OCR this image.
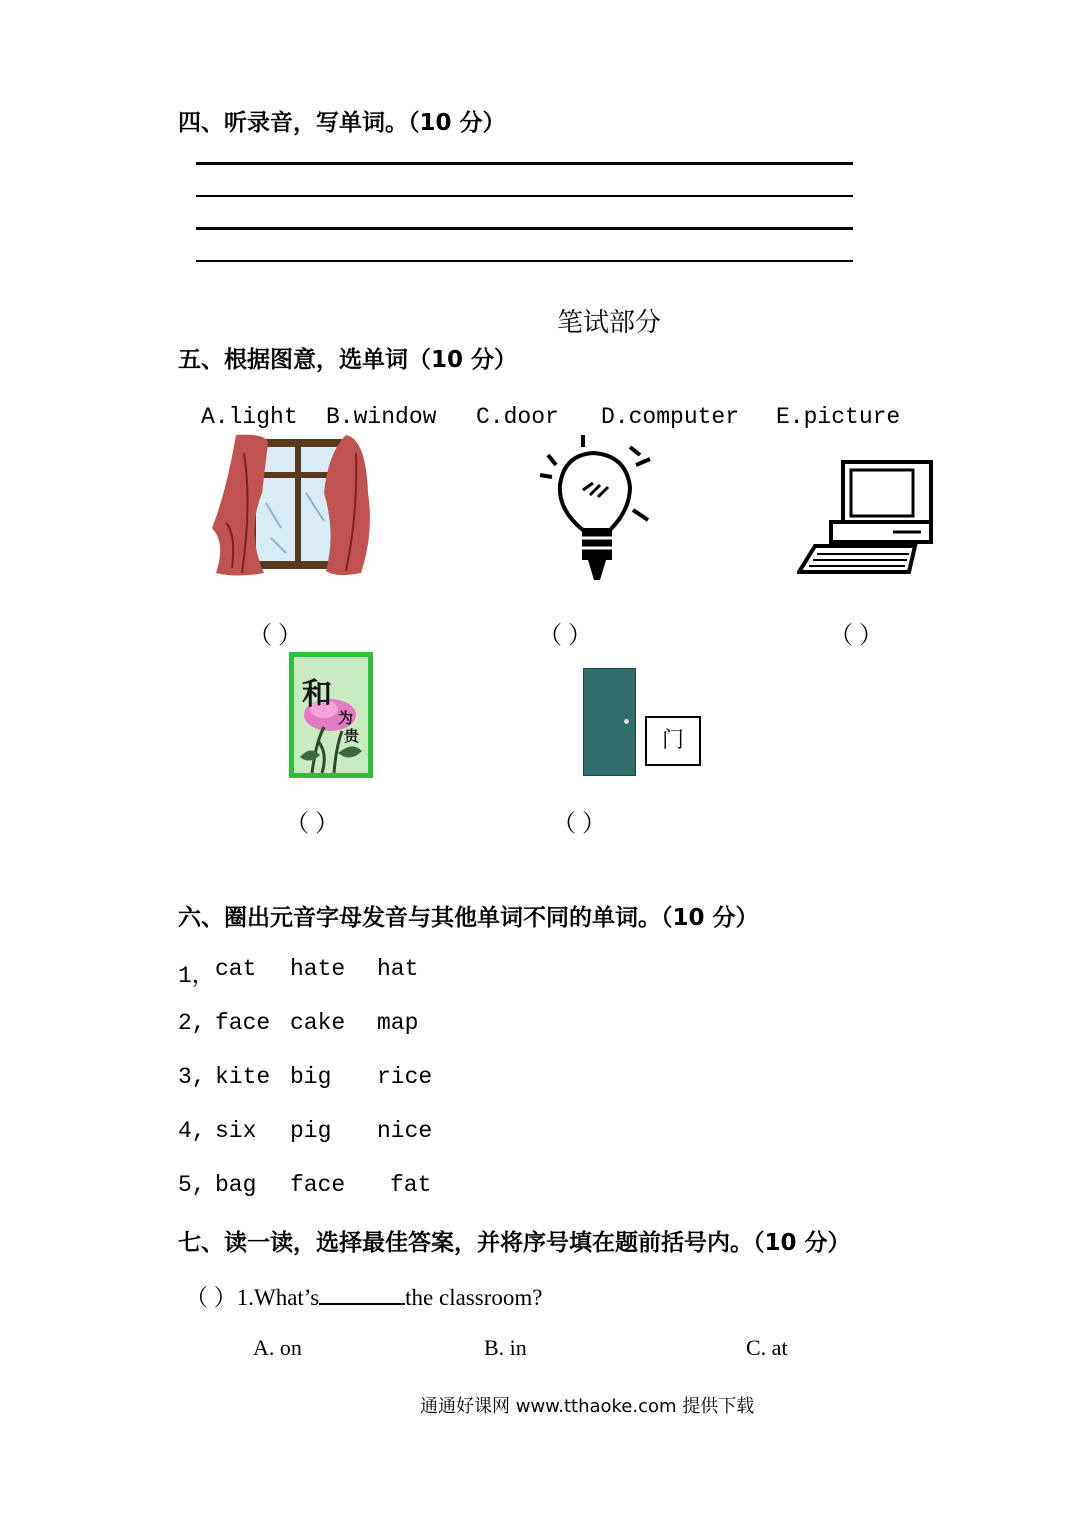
四、听录音，写单词。（10 分）
笔试部分
五、根据图意，选单词（10 分）
A.light B.window C.door D.computer E.picture
（ ）	（ ）	（ ）
和
为
贵	门
（ ）	（ ）
六、圈出元音字母发音与其他单词不同的单词。（10 分）
1， cat hate hat
2, face cake map
3, kite big rice
4, six pig nice
5, bag face fat
七、读一读，选择最佳答案，并将序号填在题前括号内。（10 分）
（ ）1.What’s	the classroom?
A. on	B. in	C. at
通通好课网 www.tthaoke.com 提供下载
